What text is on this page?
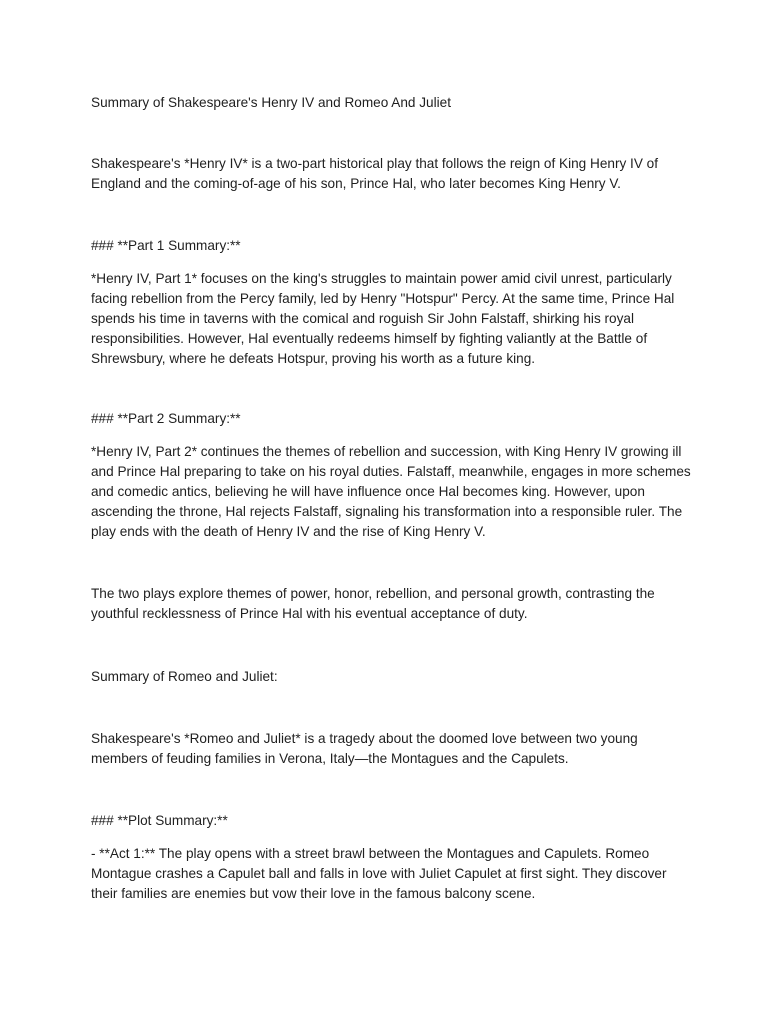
Summary of Shakespeare's Henry IV and Romeo And Juliet

Shakespeare's *Henry IV* is a two-part historical play that follows the reign of King Henry IV of England and the coming-of-age of his son, Prince Hal, who later becomes King Henry V.

### **Part 1 Summary:**

*Henry IV, Part 1* focuses on the king's struggles to maintain power amid civil unrest, particularly facing rebellion from the Percy family, led by Henry "Hotspur" Percy. At the same time, Prince Hal spends his time in taverns with the comical and roguish Sir John Falstaff, shirking his royal responsibilities. However, Hal eventually redeems himself by fighting valiantly at the Battle of Shrewsbury, where he defeats Hotspur, proving his worth as a future king.

### **Part 2 Summary:**

*Henry IV, Part 2* continues the themes of rebellion and succession, with King Henry IV growing ill and Prince Hal preparing to take on his royal duties. Falstaff, meanwhile, engages in more schemes and comedic antics, believing he will have influence once Hal becomes king. However, upon ascending the throne, Hal rejects Falstaff, signaling his transformation into a responsible ruler. The play ends with the death of Henry IV and the rise of King Henry V.

The two plays explore themes of power, honor, rebellion, and personal growth, contrasting the youthful recklessness of Prince Hal with his eventual acceptance of duty.

Summary of Romeo and Juliet:

Shakespeare's *Romeo and Juliet* is a tragedy about the doomed love between two young members of feuding families in Verona, Italy—the Montagues and the Capulets.

### **Plot Summary:**

- **Act 1:** The play opens with a street brawl between the Montagues and Capulets. Romeo Montague crashes a Capulet ball and falls in love with Juliet Capulet at first sight. They discover their families are enemies but vow their love in the famous balcony scene.
